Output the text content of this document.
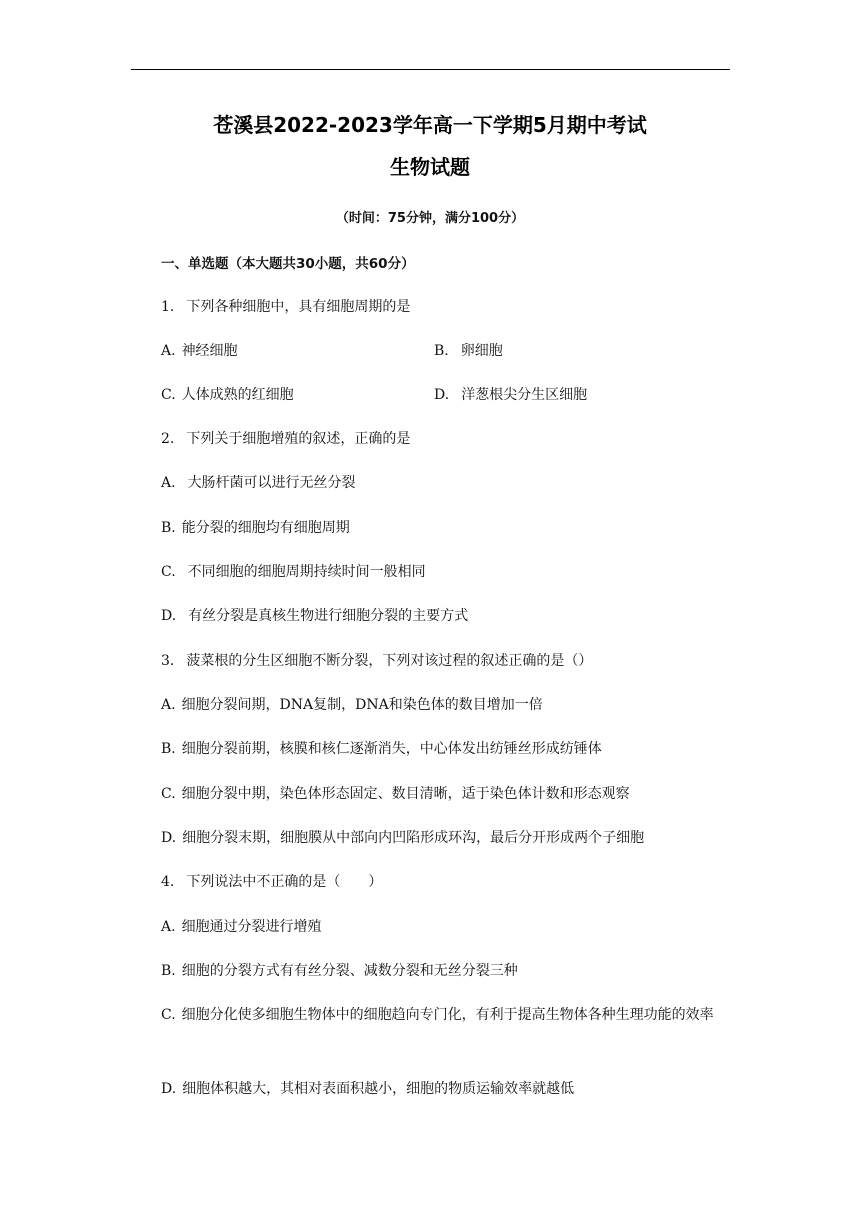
苍溪县2022-2023学年高一下学期5月期中考试
生物试题
（时间：75分钟，满分100分）
一、单选题（本大题共30小题，共60分）
1. 下列各种细胞中，具有细胞周期的是
A. 神经细胞	B. 卵细胞
C. 人体成熟的红细胞	D. 洋葱根尖分生区细胞
2. 下列关于细胞增殖的叙述，正确的是
A. 大肠杆菌可以进行无丝分裂
B. 能分裂的细胞均有细胞周期
C. 不同细胞的细胞周期持续时间一般相同
D. 有丝分裂是真核生物进行细胞分裂的主要方式
3. 菠菜根的分生区细胞不断分裂，下列对该过程的叙述正确的是（）
A. 细胞分裂间期，DNA复制，DNA和染色体的数目增加一倍
B. 细胞分裂前期，核膜和核仁逐渐消失，中心体发出纺锤丝形成纺锤体
C. 细胞分裂中期，染色体形态固定、数目清晰，适于染色体计数和形态观察
D. 细胞分裂末期，细胞膜从中部向内凹陷形成环沟，最后分开形成两个子细胞
4. 下列说法中不正确的是（　　）
A. 细胞通过分裂进行增殖
B. 细胞的分裂方式有有丝分裂、减数分裂和无丝分裂三种
C. 细胞分化使多细胞生物体中的细胞趋向专门化，有利于提高生物体各种生理功能的效率
D. 细胞体积越大，其相对表面积越小，细胞的物质运输效率就越低
